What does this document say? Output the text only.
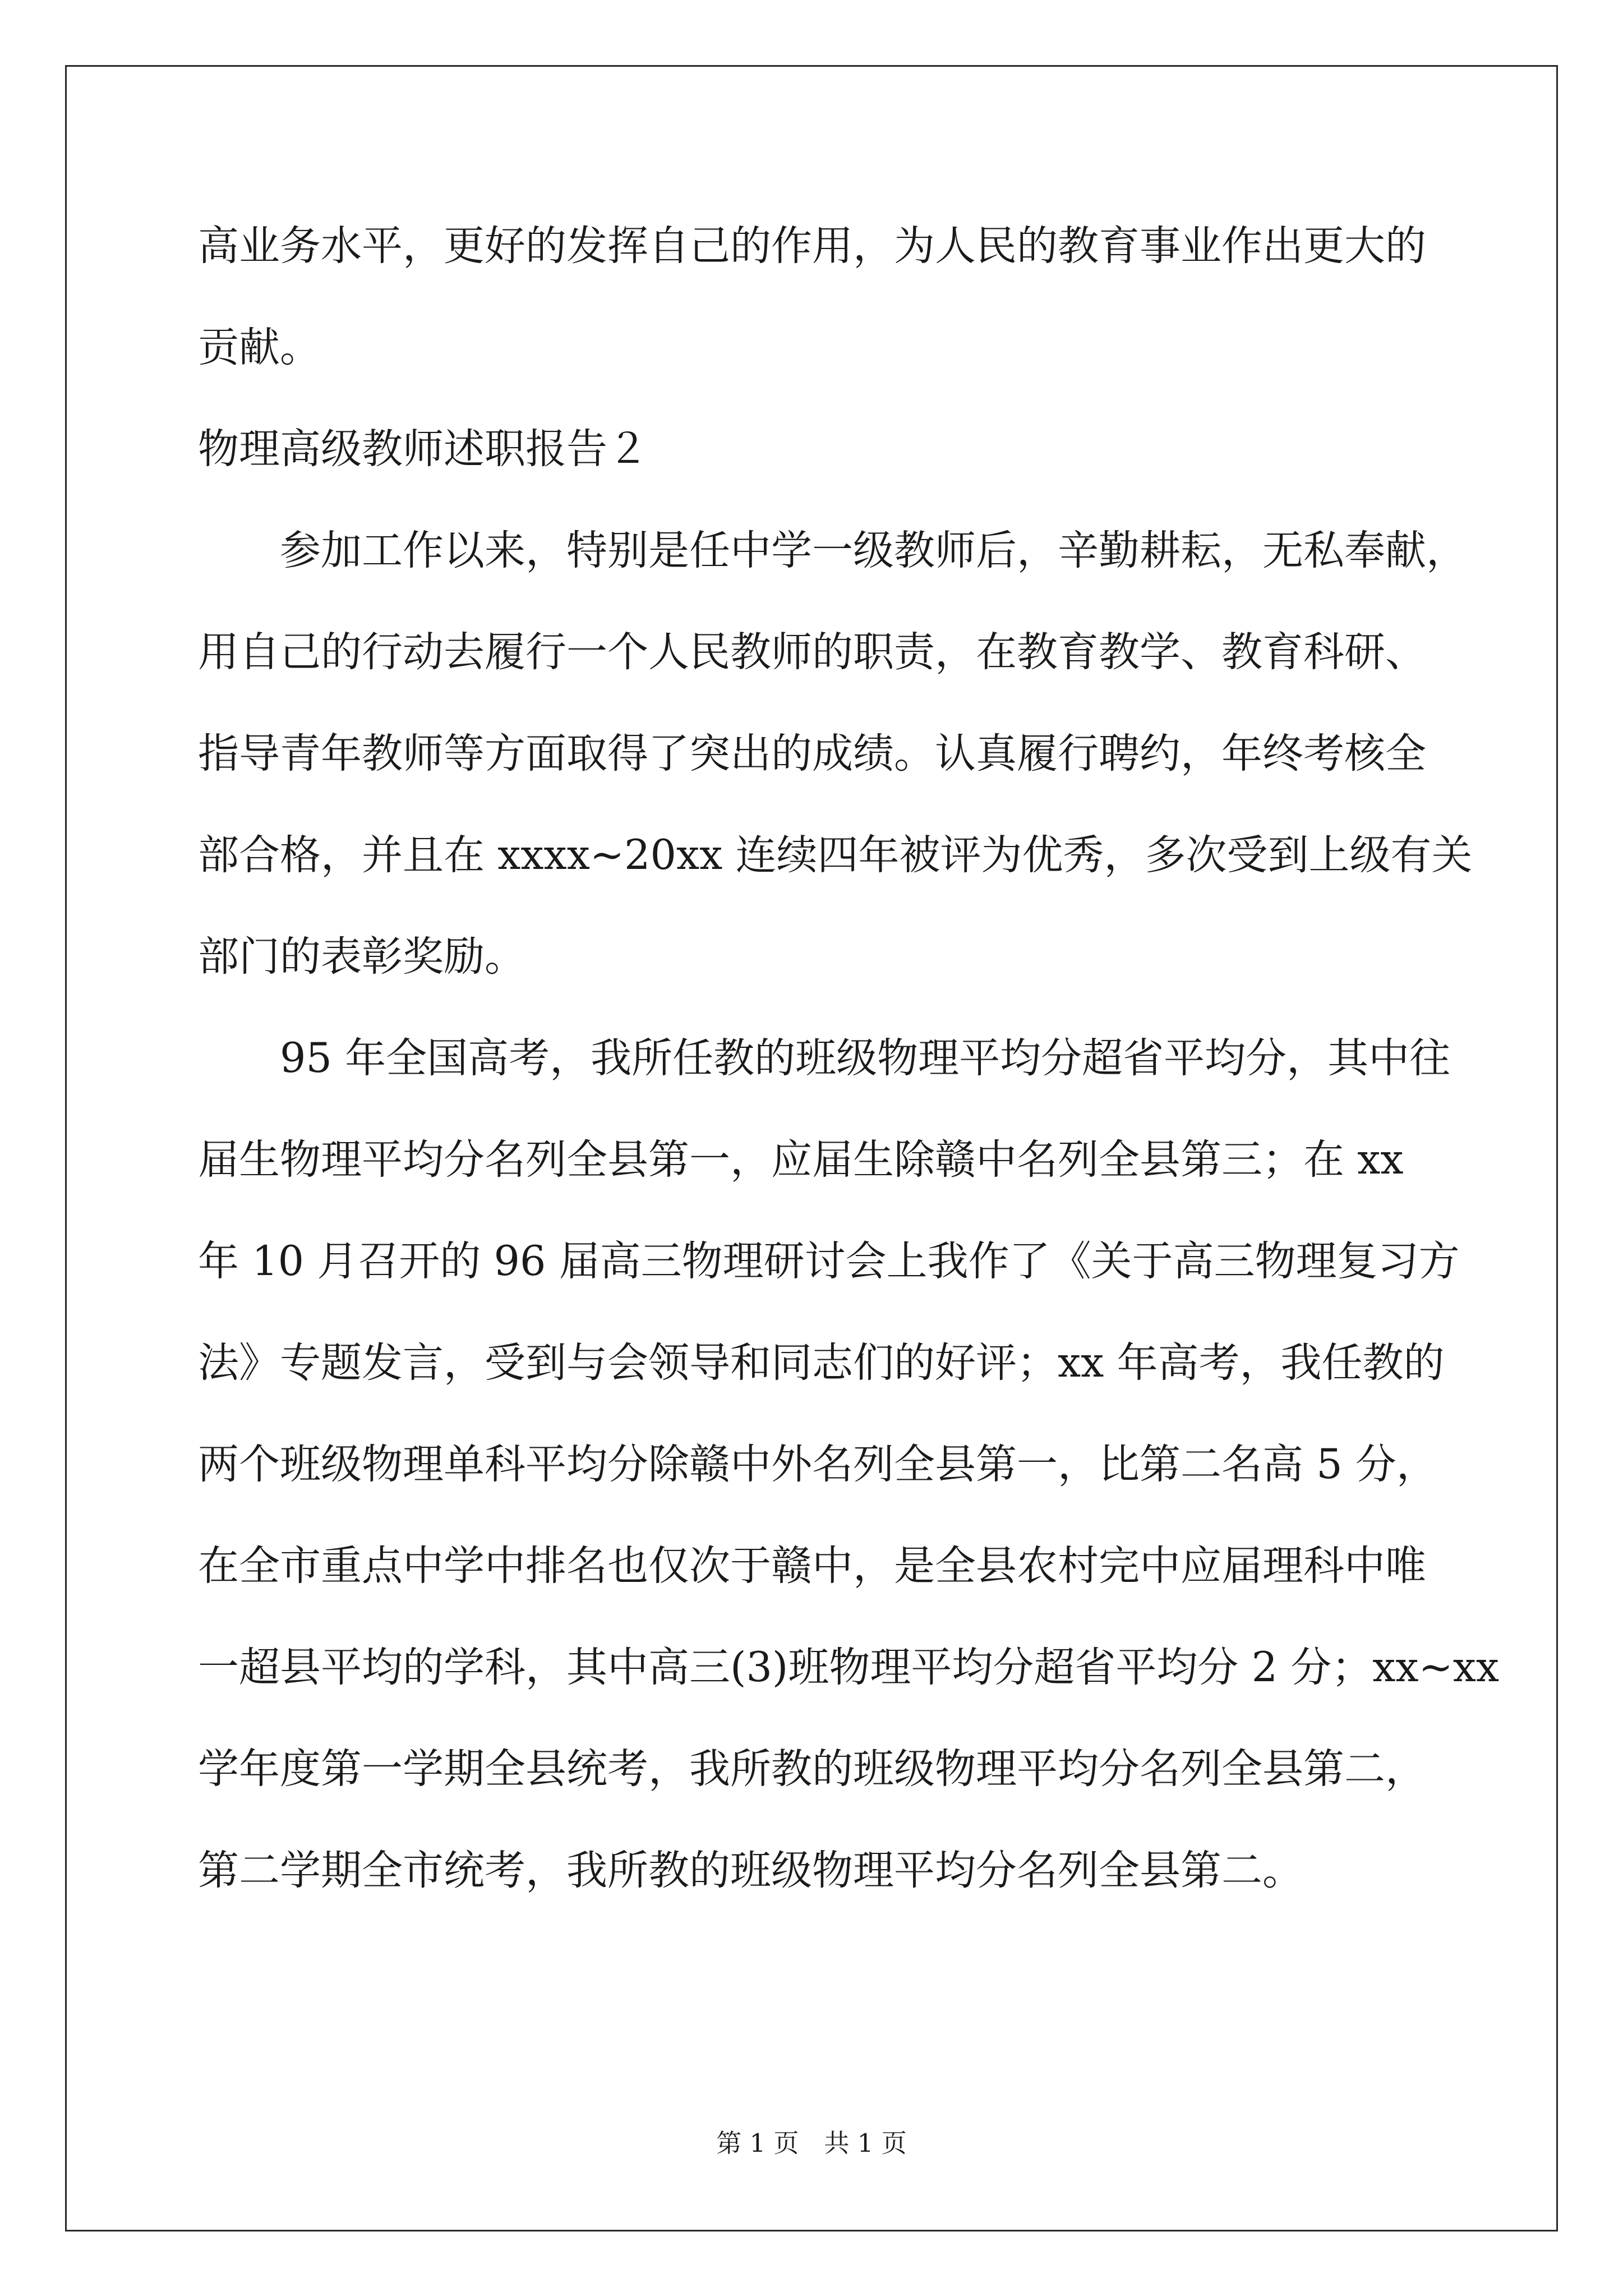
高业务水平，更好的发挥自己的作用，为人民的教育事业作出更大的
贡献。
物理高级教师述职报告２
参加工作以来，特别是任中学一级教师后，辛勤耕耘，无私奉献，
用自己的行动去履行一个人民教师的职责，在教育教学、教育科研、
指导青年教师等方面取得了突出的成绩。认真履行聘约，年终考核全
部合格，并且在 xxxx~20xx 连续四年被评为优秀，多次受到上级有关
部门的表彰奖励。
95 年全国高考，我所任教的班级物理平均分超省平均分，其中往
届生物理平均分名列全县第一，应届生除赣中名列全县第三；在 xx
年 10 月召开的 96 届高三物理研讨会上我作了《关于高三物理复习方
法》专题发言，受到与会领导和同志们的好评；xx 年高考，我任教的
两个班级物理单科平均分除赣中外名列全县第一，比第二名高 5 分，
在全市重点中学中排名也仅次于赣中，是全县农村完中应届理科中唯
一超县平均的学科，其中高三(3)班物理平均分超省平均分 2 分；xx~xx
学年度第一学期全县统考，我所教的班级物理平均分名列全县第二，
第二学期全市统考，我所教的班级物理平均分名列全县第二。
第 1 页　共 1 页
